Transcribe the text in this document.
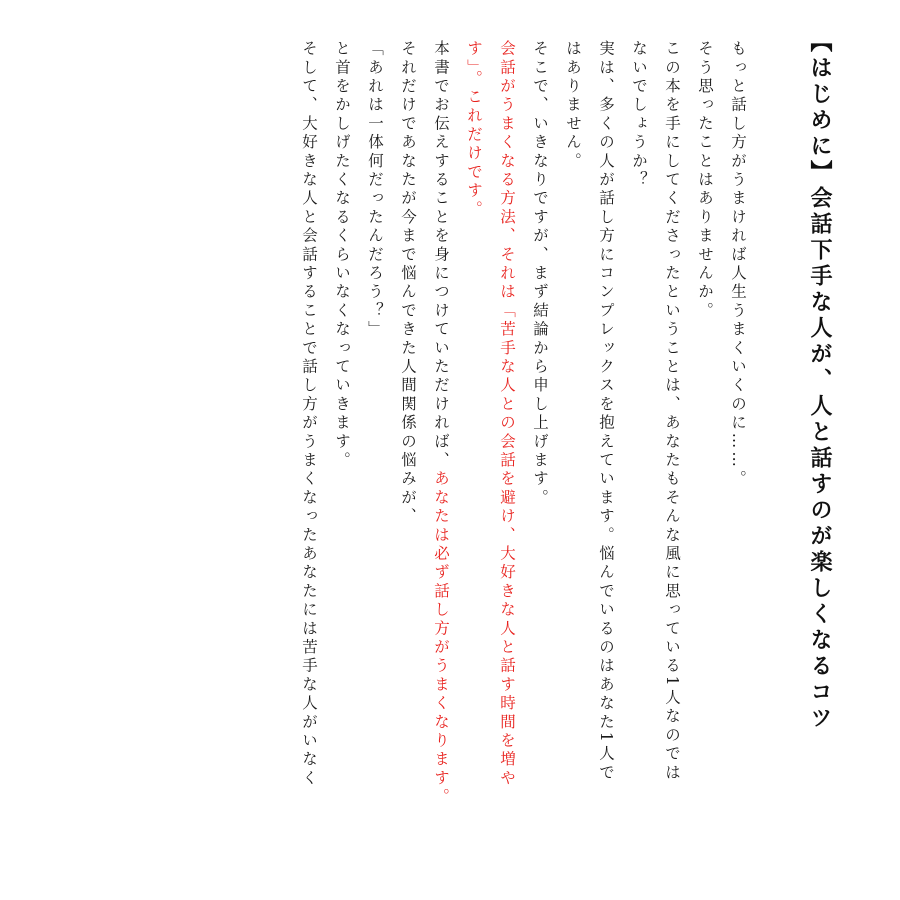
【はじめに】会話下手な人が、人と話すのが楽しくなるコツ
もっと話し方がうまければ人生うまくいくのに……。
そう思ったことはありませんか。
この本を手にしてくださったということは、あなたもそんな風に思っている1人なのでは
ないでしょうか？
実は、多くの人が話し方にコンプレックスを抱えています。悩んでいるのはあなた1人で
はありません。
そこで、いきなりですが、まず結論から申し上げます。
会話がうまくなる方法、それは「苦手な人との会話を避け、大好きな人と話す時間を増や
す」。これだけです。
本書でお伝えすることを身につけていただければ、あなたは必ず話し方がうまくなります。
それだけであなたが今まで悩んできた人間関係の悩みが、
「あれは一体何だったんだろう？」
と首をかしげたくなるくらいなくなっていきます。
そして、大好きな人と会話することで話し方がうまくなったあなたには苦手な人がいなく
